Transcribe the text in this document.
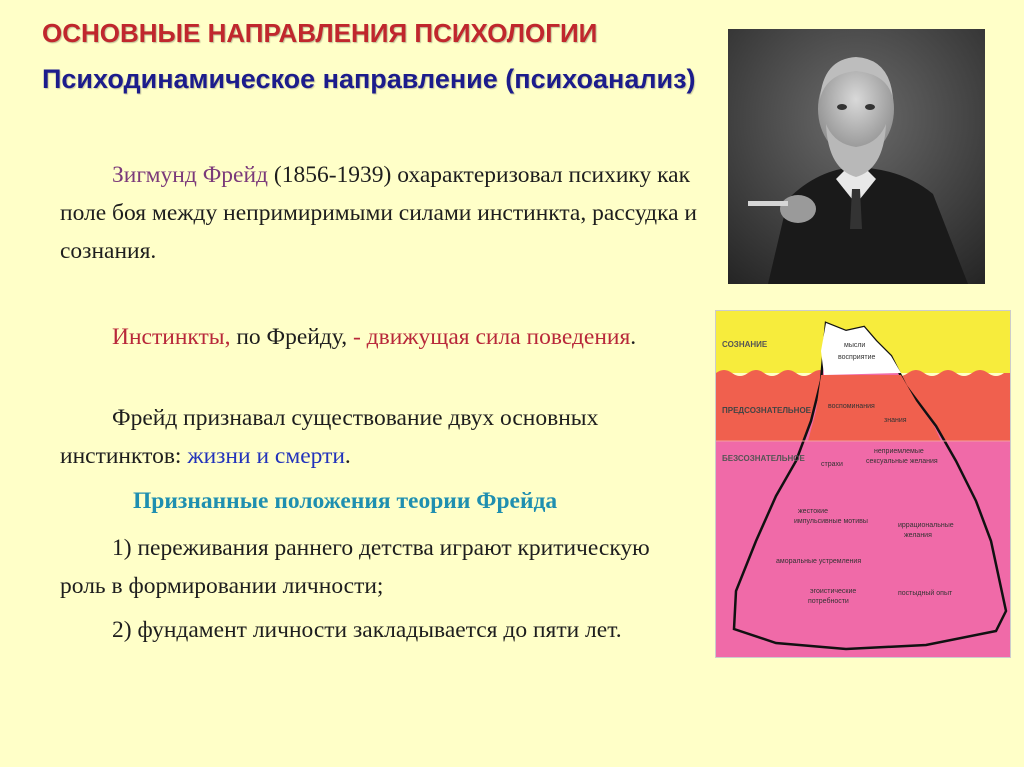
ОСНОВНЫЕ НАПРАВЛЕНИЯ ПСИХОЛОГИИ
Психодинамическое направление (психоанализ)
Зигмунд Фрейд (1856-1939) охарактеризовал психику как поле боя между непримиримыми силами инстинкта, рассудка и сознания.
Инстинкты, по Фрейду, - движущая сила поведения.
Фрейд признавал существование двух основных инстинктов: жизни и смерти.
Признанные положения теории Фрейда
1) переживания раннего детства играют критическую роль в формировании личности;
2) фундамент личности закладывается до пяти лет.
СОЗНАНИЕ
ПРЕДСОЗНАТЕЛЬНОЕ
БЕЗСОЗНАТЕЛЬНОЕ
мысли
восприятие
воспоминания
знания
страхи
неприемлемые
сексуальные желания
жестокие
импульсивные мотивы
иррациональные
желания
аморальные устремления
эгоистические
потребности
постыдный опыт
